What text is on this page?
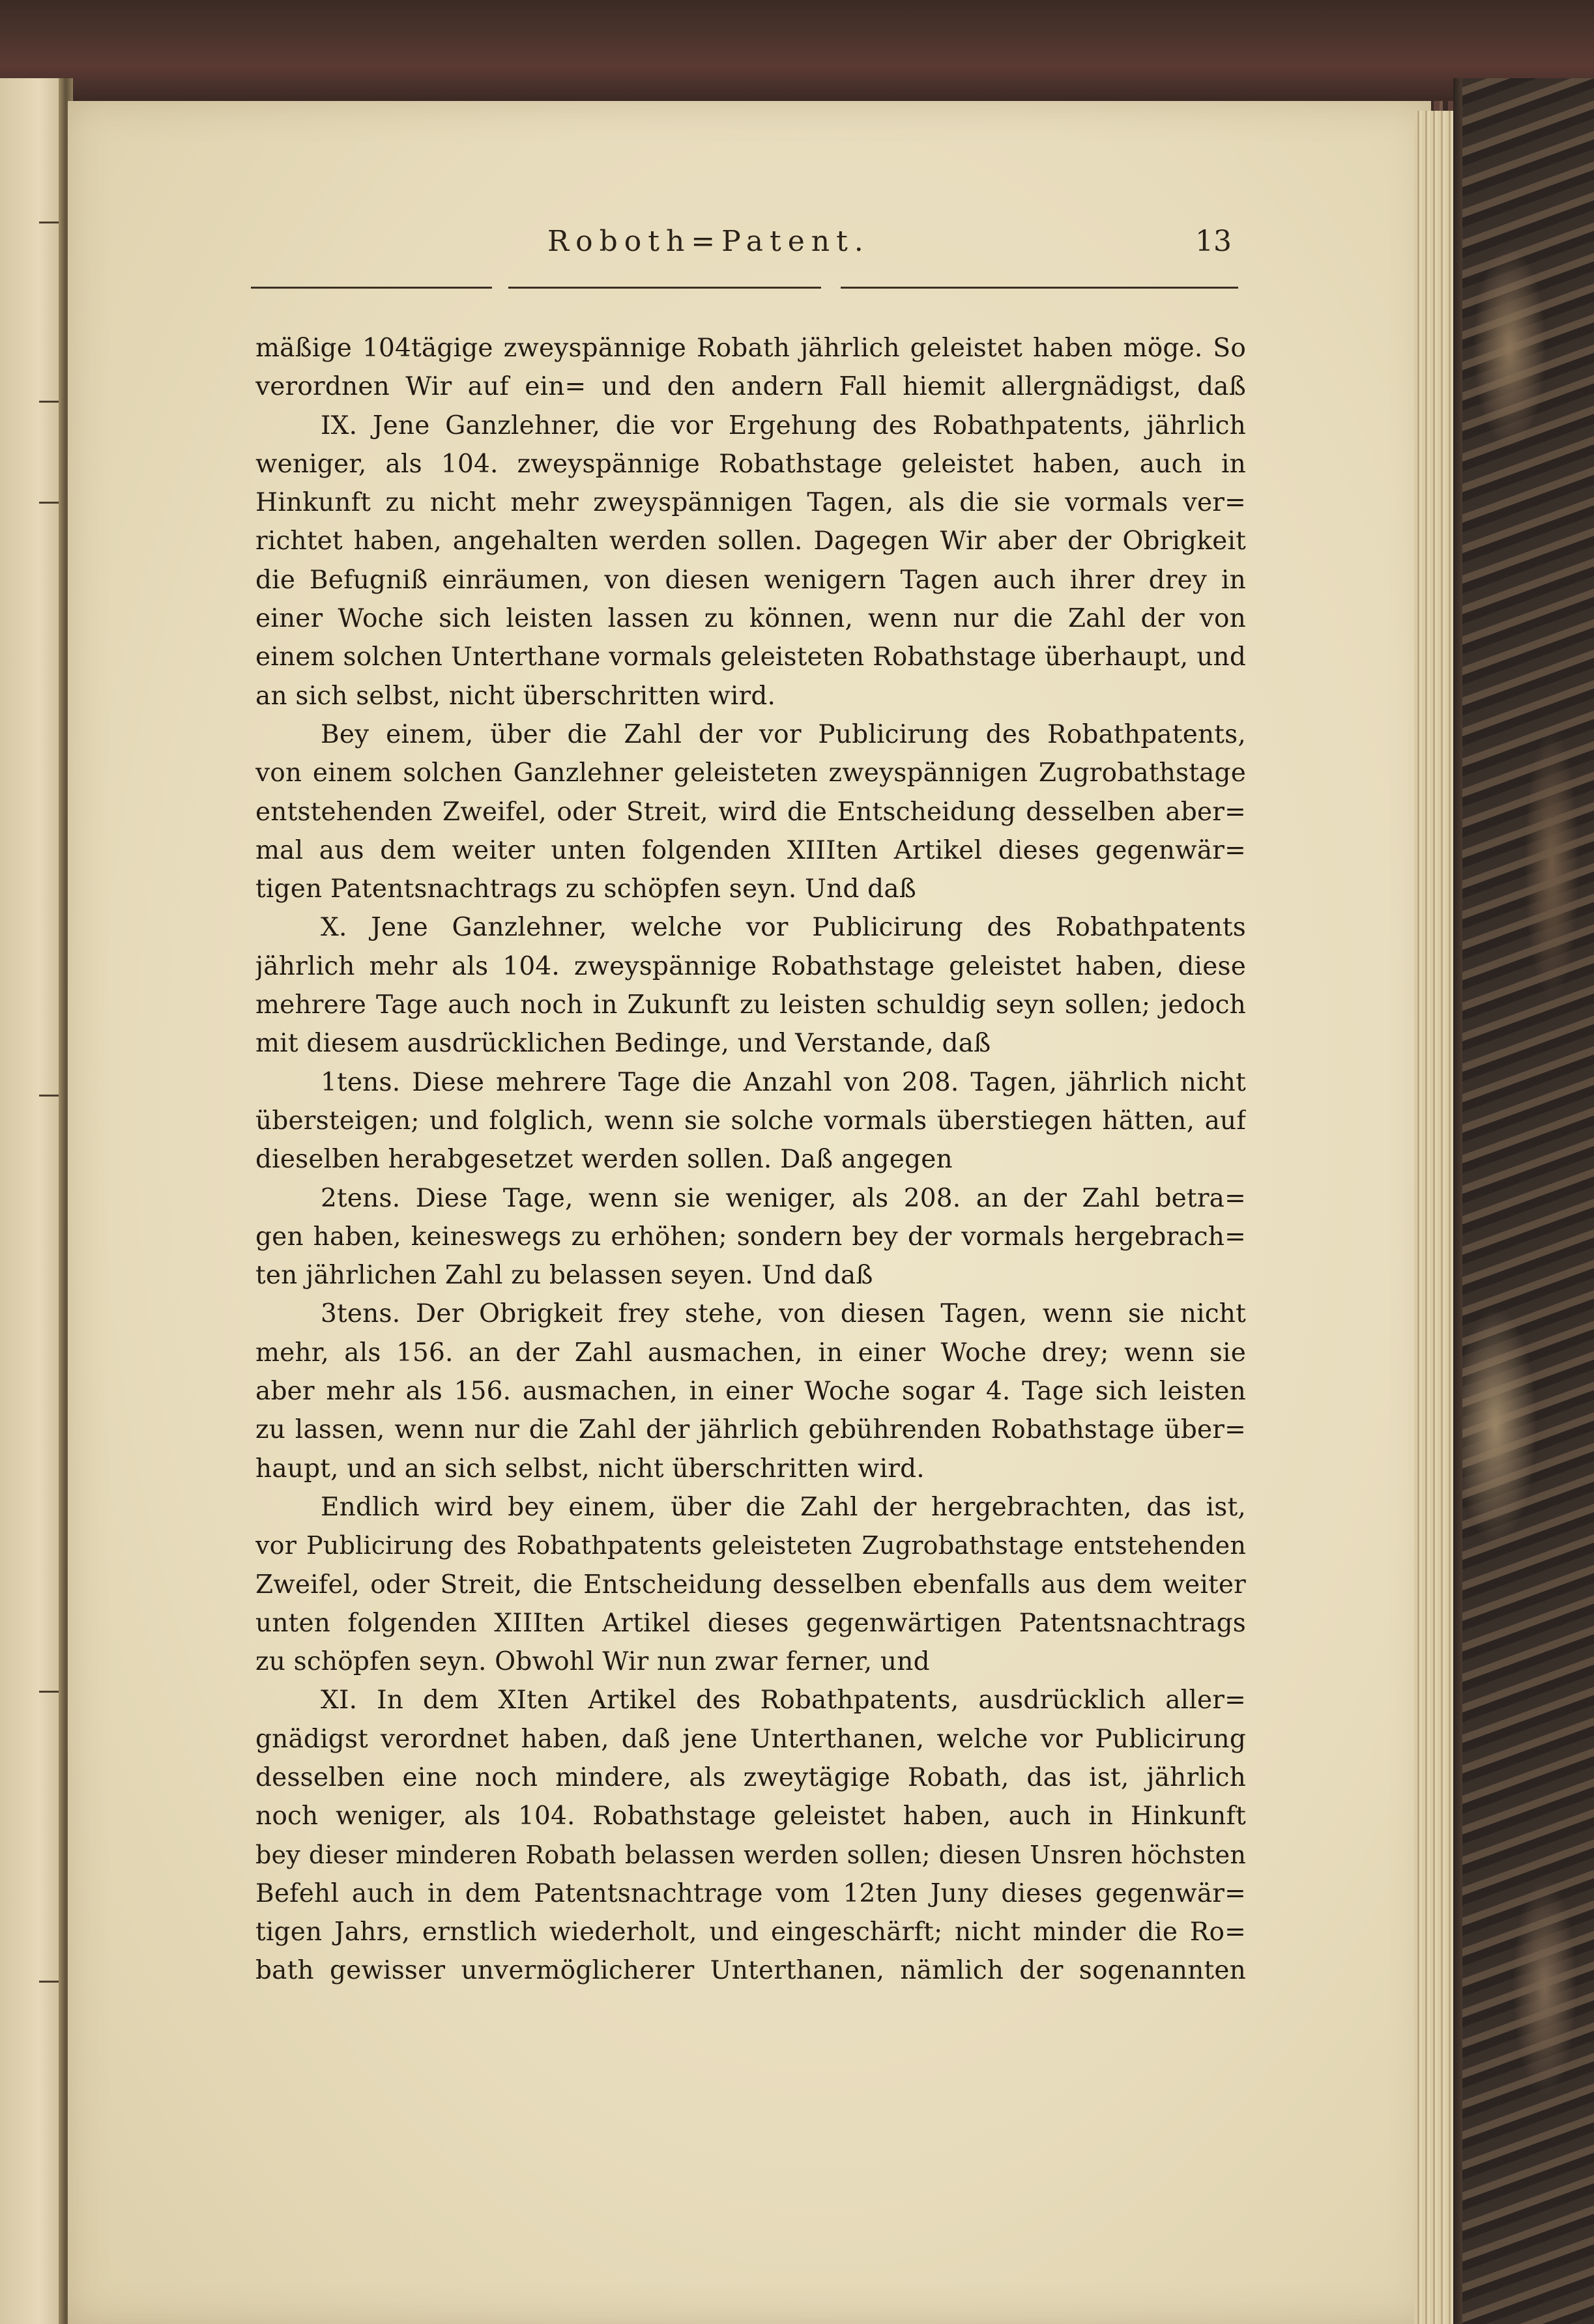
Roboth=Patent.	13
mäßige 104tägige zweyspännige Robath jährlich geleistet haben möge. So
verordnen Wir auf ein= und den andern Fall hiemit allergnädigst, daß
IX. Jene Ganzlehner, die vor Ergehung des Robathpatents, jährlich
weniger, als 104. zweyspännige Robathstage geleistet haben, auch in
Hinkunft zu nicht mehr zweyspännigen Tagen, als die sie vormals ver=
richtet haben, angehalten werden sollen. Dagegen Wir aber der Obrigkeit
die Befugniß einräumen, von diesen wenigern Tagen auch ihrer drey in
einer Woche sich leisten lassen zu können, wenn nur die Zahl der von
einem solchen Unterthane vormals geleisteten Robathstage überhaupt, und
an sich selbst, nicht überschritten wird.
Bey einem, über die Zahl der vor Publicirung des Robathpatents,
von einem solchen Ganzlehner geleisteten zweyspännigen Zugrobathstage
entstehenden Zweifel, oder Streit, wird die Entscheidung desselben aber=
mal aus dem weiter unten folgenden XIIIten Artikel dieses gegenwär=
tigen Patentsnachtrags zu schöpfen seyn. Und daß
X. Jene Ganzlehner, welche vor Publicirung des Robathpatents
jährlich mehr als 104. zweyspännige Robathstage geleistet haben, diese
mehrere Tage auch noch in Zukunft zu leisten schuldig seyn sollen; jedoch
mit diesem ausdrücklichen Bedinge, und Verstande, daß
1tens. Diese mehrere Tage die Anzahl von 208. Tagen, jährlich nicht
übersteigen; und folglich, wenn sie solche vormals überstiegen hätten, auf
dieselben herabgesetzet werden sollen. Daß angegen
2tens. Diese Tage, wenn sie weniger, als 208. an der Zahl betra=
gen haben, keineswegs zu erhöhen; sondern bey der vormals hergebrach=
ten jährlichen Zahl zu belassen seyen. Und daß
3tens. Der Obrigkeit frey stehe, von diesen Tagen, wenn sie nicht
mehr, als 156. an der Zahl ausmachen, in einer Woche drey; wenn sie
aber mehr als 156. ausmachen, in einer Woche sogar 4. Tage sich leisten
zu lassen, wenn nur die Zahl der jährlich gebührenden Robathstage über=
haupt, und an sich selbst, nicht überschritten wird.
Endlich wird bey einem, über die Zahl der hergebrachten, das ist,
vor Publicirung des Robathpatents geleisteten Zugrobathstage entstehenden
Zweifel, oder Streit, die Entscheidung desselben ebenfalls aus dem weiter
unten folgenden XIIIten Artikel dieses gegenwärtigen Patentsnachtrags
zu schöpfen seyn. Obwohl Wir nun zwar ferner, und
XI. In dem XIten Artikel des Robathpatents, ausdrücklich aller=
gnädigst verordnet haben, daß jene Unterthanen, welche vor Publicirung
desselben eine noch mindere, als zweytägige Robath, das ist, jährlich
noch weniger, als 104. Robathstage geleistet haben, auch in Hinkunft
bey dieser minderen Robath belassen werden sollen; diesen Unsren höchsten
Befehl auch in dem Patentsnachtrage vom 12ten Juny dieses gegenwär=
tigen Jahrs, ernstlich wiederholt, und eingeschärft; nicht minder die Ro=
bath gewisser unvermöglicherer Unterthanen, nämlich der sogenannten
